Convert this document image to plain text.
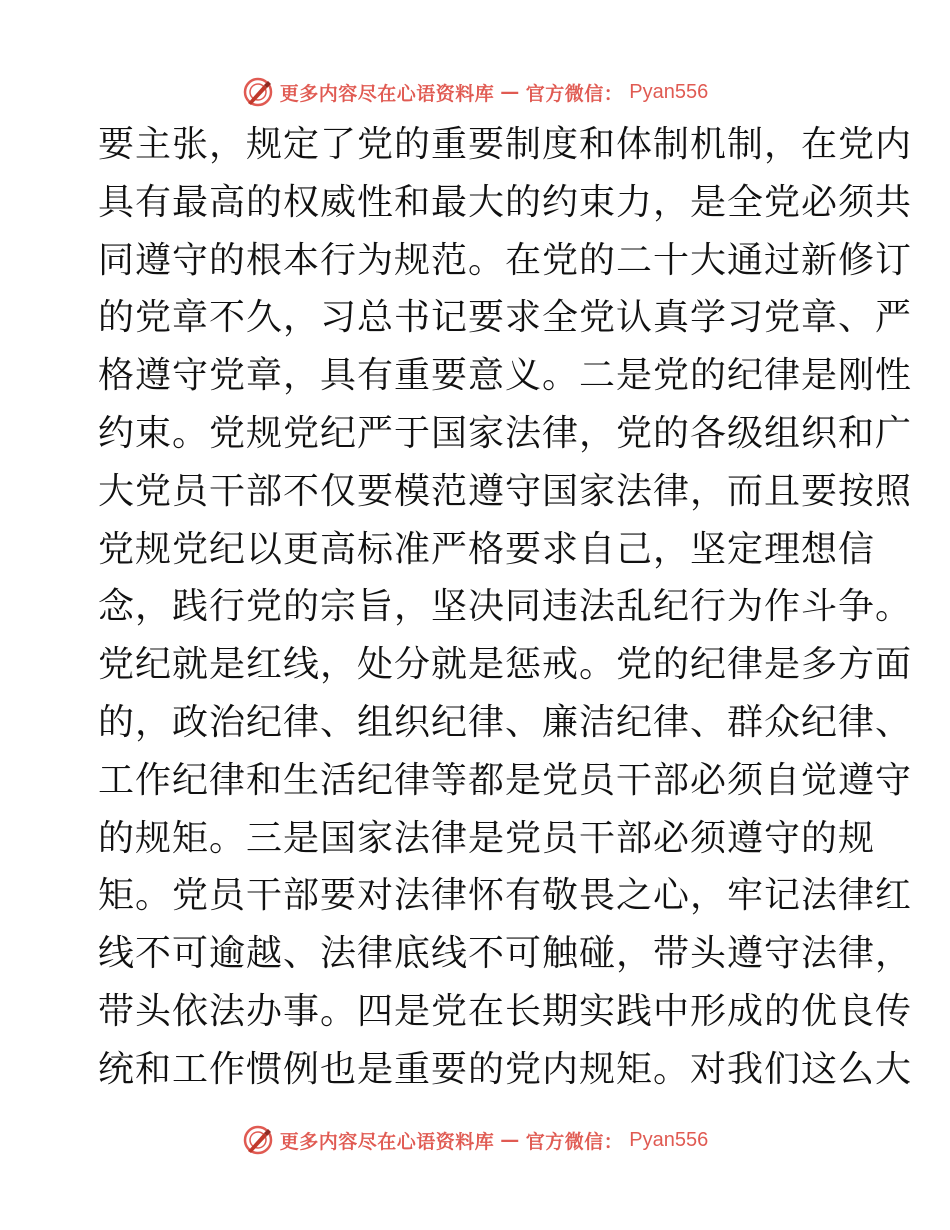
更多内容尽在心语资料库 — 官方微信： Pyan556
要主张，规定了党的重要制度和体制机制，在党内
具有最高的权威性和最大的约束力，是全党必须共
同遵守的根本行为规范。在党的二十大通过新修订
的党章不久，习总书记要求全党认真学习党章、严
格遵守党章，具有重要意义。二是党的纪律是刚性
约束。党规党纪严于国家法律，党的各级组织和广
大党员干部不仅要模范遵守国家法律，而且要按照
党规党纪以更高标准严格要求自己，坚定理想信
念，践行党的宗旨，坚决同违法乱纪行为作斗争。
党纪就是红线，处分就是惩戒。党的纪律是多方面
的，政治纪律、组织纪律、廉洁纪律、群众纪律、
工作纪律和生活纪律等都是党员干部必须自觉遵守
的规矩。三是国家法律是党员干部必须遵守的规
矩。党员干部要对法律怀有敬畏之心，牢记法律红
线不可逾越、法律底线不可触碰，带头遵守法律，
带头依法办事。四是党在长期实践中形成的优良传
统和工作惯例也是重要的党内规矩。对我们这么大
更多内容尽在心语资料库 — 官方微信： Pyan556
